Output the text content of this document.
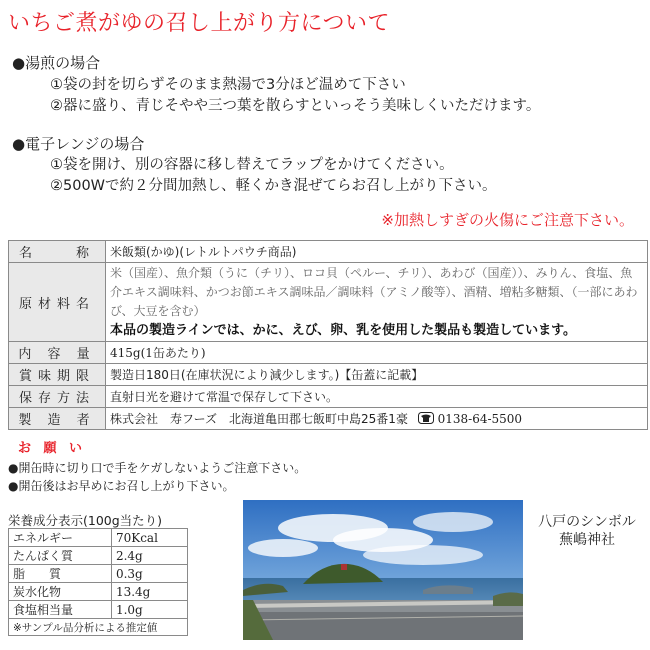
いちご煮がゆの召し上がり方について
●湯煎の場合
①袋の封を切らずそのまま熱湯で3分ほど温めて下さい
②器に盛り、青じそやや三つ葉を散らすといっそう美味しくいただけます。
●電子レンジの場合
①袋を開け、別の容器に移し替えてラップをかけてください。
②500Wで約２分間加熱し、軽くかき混ぜてらお召し上がり下さい。
※加熱しすぎの火傷にご注意下さい。
名　　称	米飯類(かゆ)(レトルトパウチ商品)
原材料名	米（国産）、魚介類（うに（チリ）、ロコ貝（ペルー、チリ）、あわび（国産））、みりん、食塩、魚介エキス調味料、かつお節エキス調味品／調味料（アミノ酸等）、酒精、増粘多糖類、（一部にあわび、大豆を含む）
本品の製造ラインでは、かに、えび、卵、乳を使用した製品も製造しています。

内 容 量	415g(1缶あたり)
賞味期限	製造日180日(在庫状況により減少します。)【缶蓋に記載】
保存方法	直射日光を避けて常温で保存して下さい。
製 造 者	株式会社　寿フーズ　北海道亀田郡七飯町中島25番1豪 0138-64-5500
お 願 い
●開缶時に切り口で手をケガしないようご注意下さい。
●開缶後はお早めにお召し上がり下さい。
栄養成分表示(100g当たり)
エネルギー	70Kcal
たんぱく質	2.4g
脂　　質	0.3g
炭水化物	13.4g
食塩相当量	1.0g
※サンプル品分析による推定値	
八戸のシンボル
蕪嶋神社
